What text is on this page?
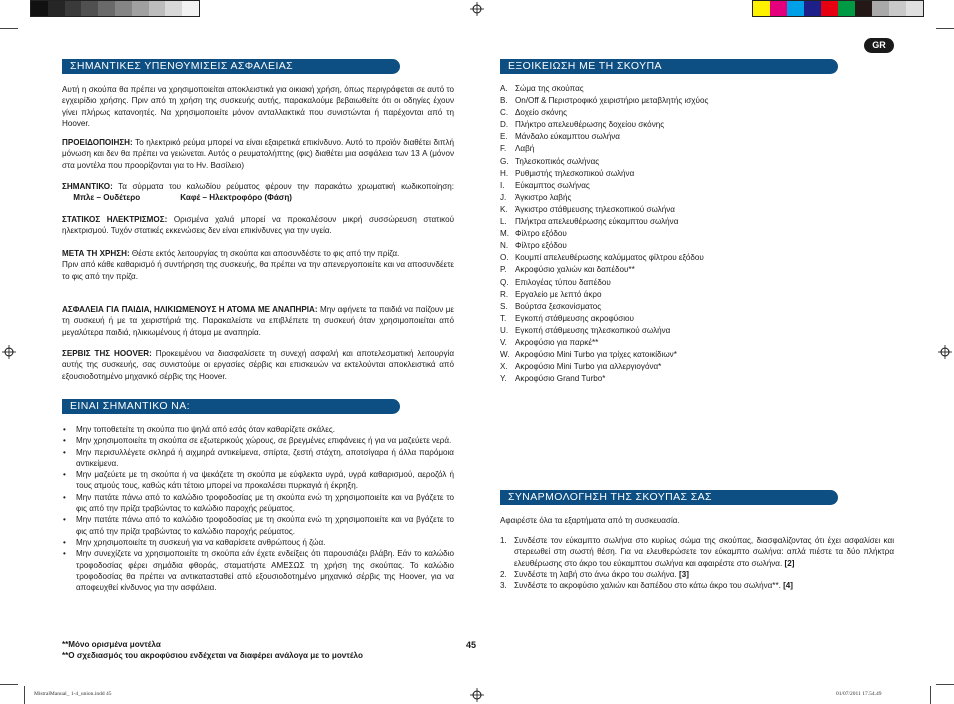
GR
ΣΗΜΑΝΤΙΚΕΣ ΥΠΕΝΘΥΜΙΣΕΙΣ ΑΣΦΑΛΕΙΑΣ

Αυτή η σκούπα θα πρέπει να χρησιμοποιείται αποκλειστικά για οικιακή χρήση, όπως περιγράφεται σε αυτό το εγχειρίδιο χρήσης. Πριν από τη χρήση της συσκευής αυτής, παρακαλούμε βεβαιωθείτε ότι οι οδηγίες έχουν γίνει πλήρως κατανοητές. Να χρησιμοποιείτε μόνον ανταλλακτικά που συνιστώνται ή παρέχονται από τη Hoover.

ΠΡΟΕΙΔΟΠΟΙΗΣΗ: Το ηλεκτρικό ρεύμα μπορεί να είναι εξαιρετικά επικίνδυνο. Αυτό το προϊόν διαθέτει διπλή μόνωση και δεν θα πρέπει να γειώνεται. Αυτός ο ρευματολήπτης (φις) διαθέτει μια ασφάλεια των 13 A (μόνον στα μοντέλα που προορίζονται για το Ην. Βασίλειο)

ΣΗΜΑΝΤΙΚΟ: Τα σύρματα του καλωδίου ρεύματος φέρουν την παρακάτω χρωματική κωδικοποίηση:      Μπλε – Ουδέτερο	Καφέ – Ηλεκτροφόρο (Φάση)

ΣΤΑΤΙΚΟΣ ΗΛΕΚΤΡΙΣΜΟΣ: Ορισμένα χαλιά μπορεί να προκαλέσουν μικρή συσσώρευση στατικού ηλεκτρισμού. Τυχόν στατικές εκκενώσεις δεν είναι επικίνδυνες για την υγεία.

ΜΕΤΑ ΤΗ ΧΡΗΣΗ: Θέστε εκτός λειτουργίας τη σκούπα και αποσυνδέστε το φις από την πρίζα.
Πριν από κάθε καθαρισμό ή συντήρηση της συσκευής, θα πρέπει να την απενεργοποιείτε και να αποσυνδέετε το φις από την πρίζα.

ΑΣΦΑΛΕΙΑ ΓΙΑ ΠΑΙΔΙΑ, ΗΛΙΚΙΩΜΕΝΟΥΣ Η ΑΤΟΜΑ ΜΕ ΑΝΑΠΗΡΙΑ: Μην αφήνετε τα παιδιά να παίζουν με τη συσκευή ή με τα χειριστήριά της. Παρακαλείστε να επιβλέπετε τη συσκευή όταν χρησιμοποιείται από μεγαλύτερα παιδιά, ηλικιωμένους ή άτομα με αναπηρία.

ΣΕΡΒΙΣ ΤΗΣ HOOVER: Προκειμένου να διασφαλίσετε τη συνεχή ασφαλή και αποτελεσματική λειτουργία αυτής της συσκευής, σας συνιστούμε οι εργασίες σέρβις και επισκευών να εκτελούνται αποκλειστικά από εξουσιοδοτημένο μηχανικό σέρβις της Hoover.

ΕΙΝΑΙ ΣΗΜΑΝΤΙΚΟ ΝΑ:
• Μην τοποθετείτε τη σκούπα πιο ψηλά από εσάς όταν καθαρίζετε σκάλες.
• Μην χρησιμοποιείτε τη σκούπα σε εξωτερικούς χώρους, σε βρεγμένες επιφάνειες ή για να μαζεύετε νερά.
• Μην περισυλλέγετε σκληρά ή αιχμηρά αντικείμενα, σπίρτα, ζεστή στάχτη, αποτσίγαρα ή άλλα παρόμοια αντικείμενα.
• Μην μαζεύετε με τη σκούπα ή να ψεκάζετε τη σκούπα με εύφλεκτα υγρά, υγρά καθαρισμού, αεροζόλ ή τους ατμούς τους, καθώς κάτι τέτοιο μπορεί να προκαλέσει πυρκαγιά ή έκρηξη.
• Μην πατάτε πάνω από το καλώδιο τροφοδοσίας με τη σκούπα ενώ τη χρησιμοποιείτε και να βγάζετε το φις από την πρίζα τραβώντας το καλώδιο παροχής ρεύματος.
• Μην πατάτε πάνω από το καλώδιο τροφοδοσίας με τη σκούπα ενώ τη χρησιμοποιείτε και να βγάζετε το φις από την πρίζα τραβώντας το καλώδιο παροχής ρεύματος.
• Μην χρησιμοποιείτε τη συσκευή για να καθαρίσετε ανθρώπους ή ζώα.
• Μην συνεχίζετε να χρησιμοποιείτε τη σκούπα εάν έχετε ενδείξεις ότι παρουσιάζει βλάβη. Εάν το καλώδιο τροφοδοσίας φέρει σημάδια φθοράς, σταματήστε ΑΜΕΣΩΣ τη χρήση της σκούπας. Το καλώδιο τροφοδοσίας θα πρέπει να αντικατασταθεί από εξουσιοδοτημένο μηχανικό σέρβις της Hoover, για να αποφευχθεί κίνδυνος για την ασφάλεια.
**Μόνο ορισμένα μοντέλα
**Ο σχεδιασμός του ακροφύσιου ενδέχεται να διαφέρει ανάλογα με το μοντέλο
45
ΕΞΟΙΚΕΙΩΣΗ ΜΕ ΤΗ ΣΚΟΥΠΑ
A. Σώμα της σκούπας
B. On/Off & Περιστροφικό χειριστήριο μεταβλητής ισχύος
C. Δοχείο σκόνης
D. Πλήκτρο απελευθέρωσης δοχείου σκόνης
E. Μάνδαλο εύκαμπτου σωλήνα
F.	Λαβή
G. Τηλεσκοπικός σωλήνας
H. Ρυθμιστής τηλεσκοπικού σωλήνα
I.	Εύκαμπτος σωλήνας
J.	Άγκιστρο λαβής
K. Άγκιστρο στάθμευσης τηλεσκοπικού σωλήνα
L.	Πλήκτρα απελευθέρωσης εύκαμπτου σωλήνα
M. Φίλτρο εξόδου
N. Φίλτρο εξόδου
O. Κουμπί απελευθέρωσης καλύμματος φίλτρου εξόδου
P.	Ακροφύσιο χαλιών και δαπέδου**
Q. Επιλογέας τύπου δαπέδου
R. Εργαλείο με λεπτό άκρο
S. Βούρτσα ξεσκονίσματος
T.	Εγκοπή στάθμευσης ακροφύσιου
U. Εγκοπή στάθμευσης τηλεσκοπικού σωλήνα
V. Ακροφύσιο για παρκέ**
W. Ακροφύσιο Mini Turbo για τρίχες κατοικίδιων*
X. Ακροφύσιο Mini Turbo για αλλεργιογόνα*
Y.	Ακροφύσιο Grand Turbo*
ΣΥΝΑΡΜΟΛΟΓΗΣΗ ΤΗΣ ΣΚΟΥΠΑΣ ΣΑΣ

Αφαιρέστε όλα τα εξαρτήματα από τη συσκευασία.

1. Συνδέστε τον εύκαμπτο σωλήνα στο κυρίως σώμα της σκούπας, διασφαλίζοντας ότι έχει ασφαλίσει και στερεωθεί στη σωστή θέση. Για να ελευθερώσετε τον εύκαμπτο σωλήνα: απλά πιέστε τα δύο πλήκτρα ελευθέρωσης στο άκρο του εύκαμπτου σωλήνα και αφαιρέστε στο σωλήνα. [2]
2. Συνδέστε τη λαβή στο άνω άκρο του σωλήνα. [3]
3. Συνδέστε το ακροφύσιο χαλιών και δαπέδου στο κάτω άκρο του σωλήνα**. [4]
MistralManual_ 1-4_union.indd 45	01/07/2011 17.54.49
